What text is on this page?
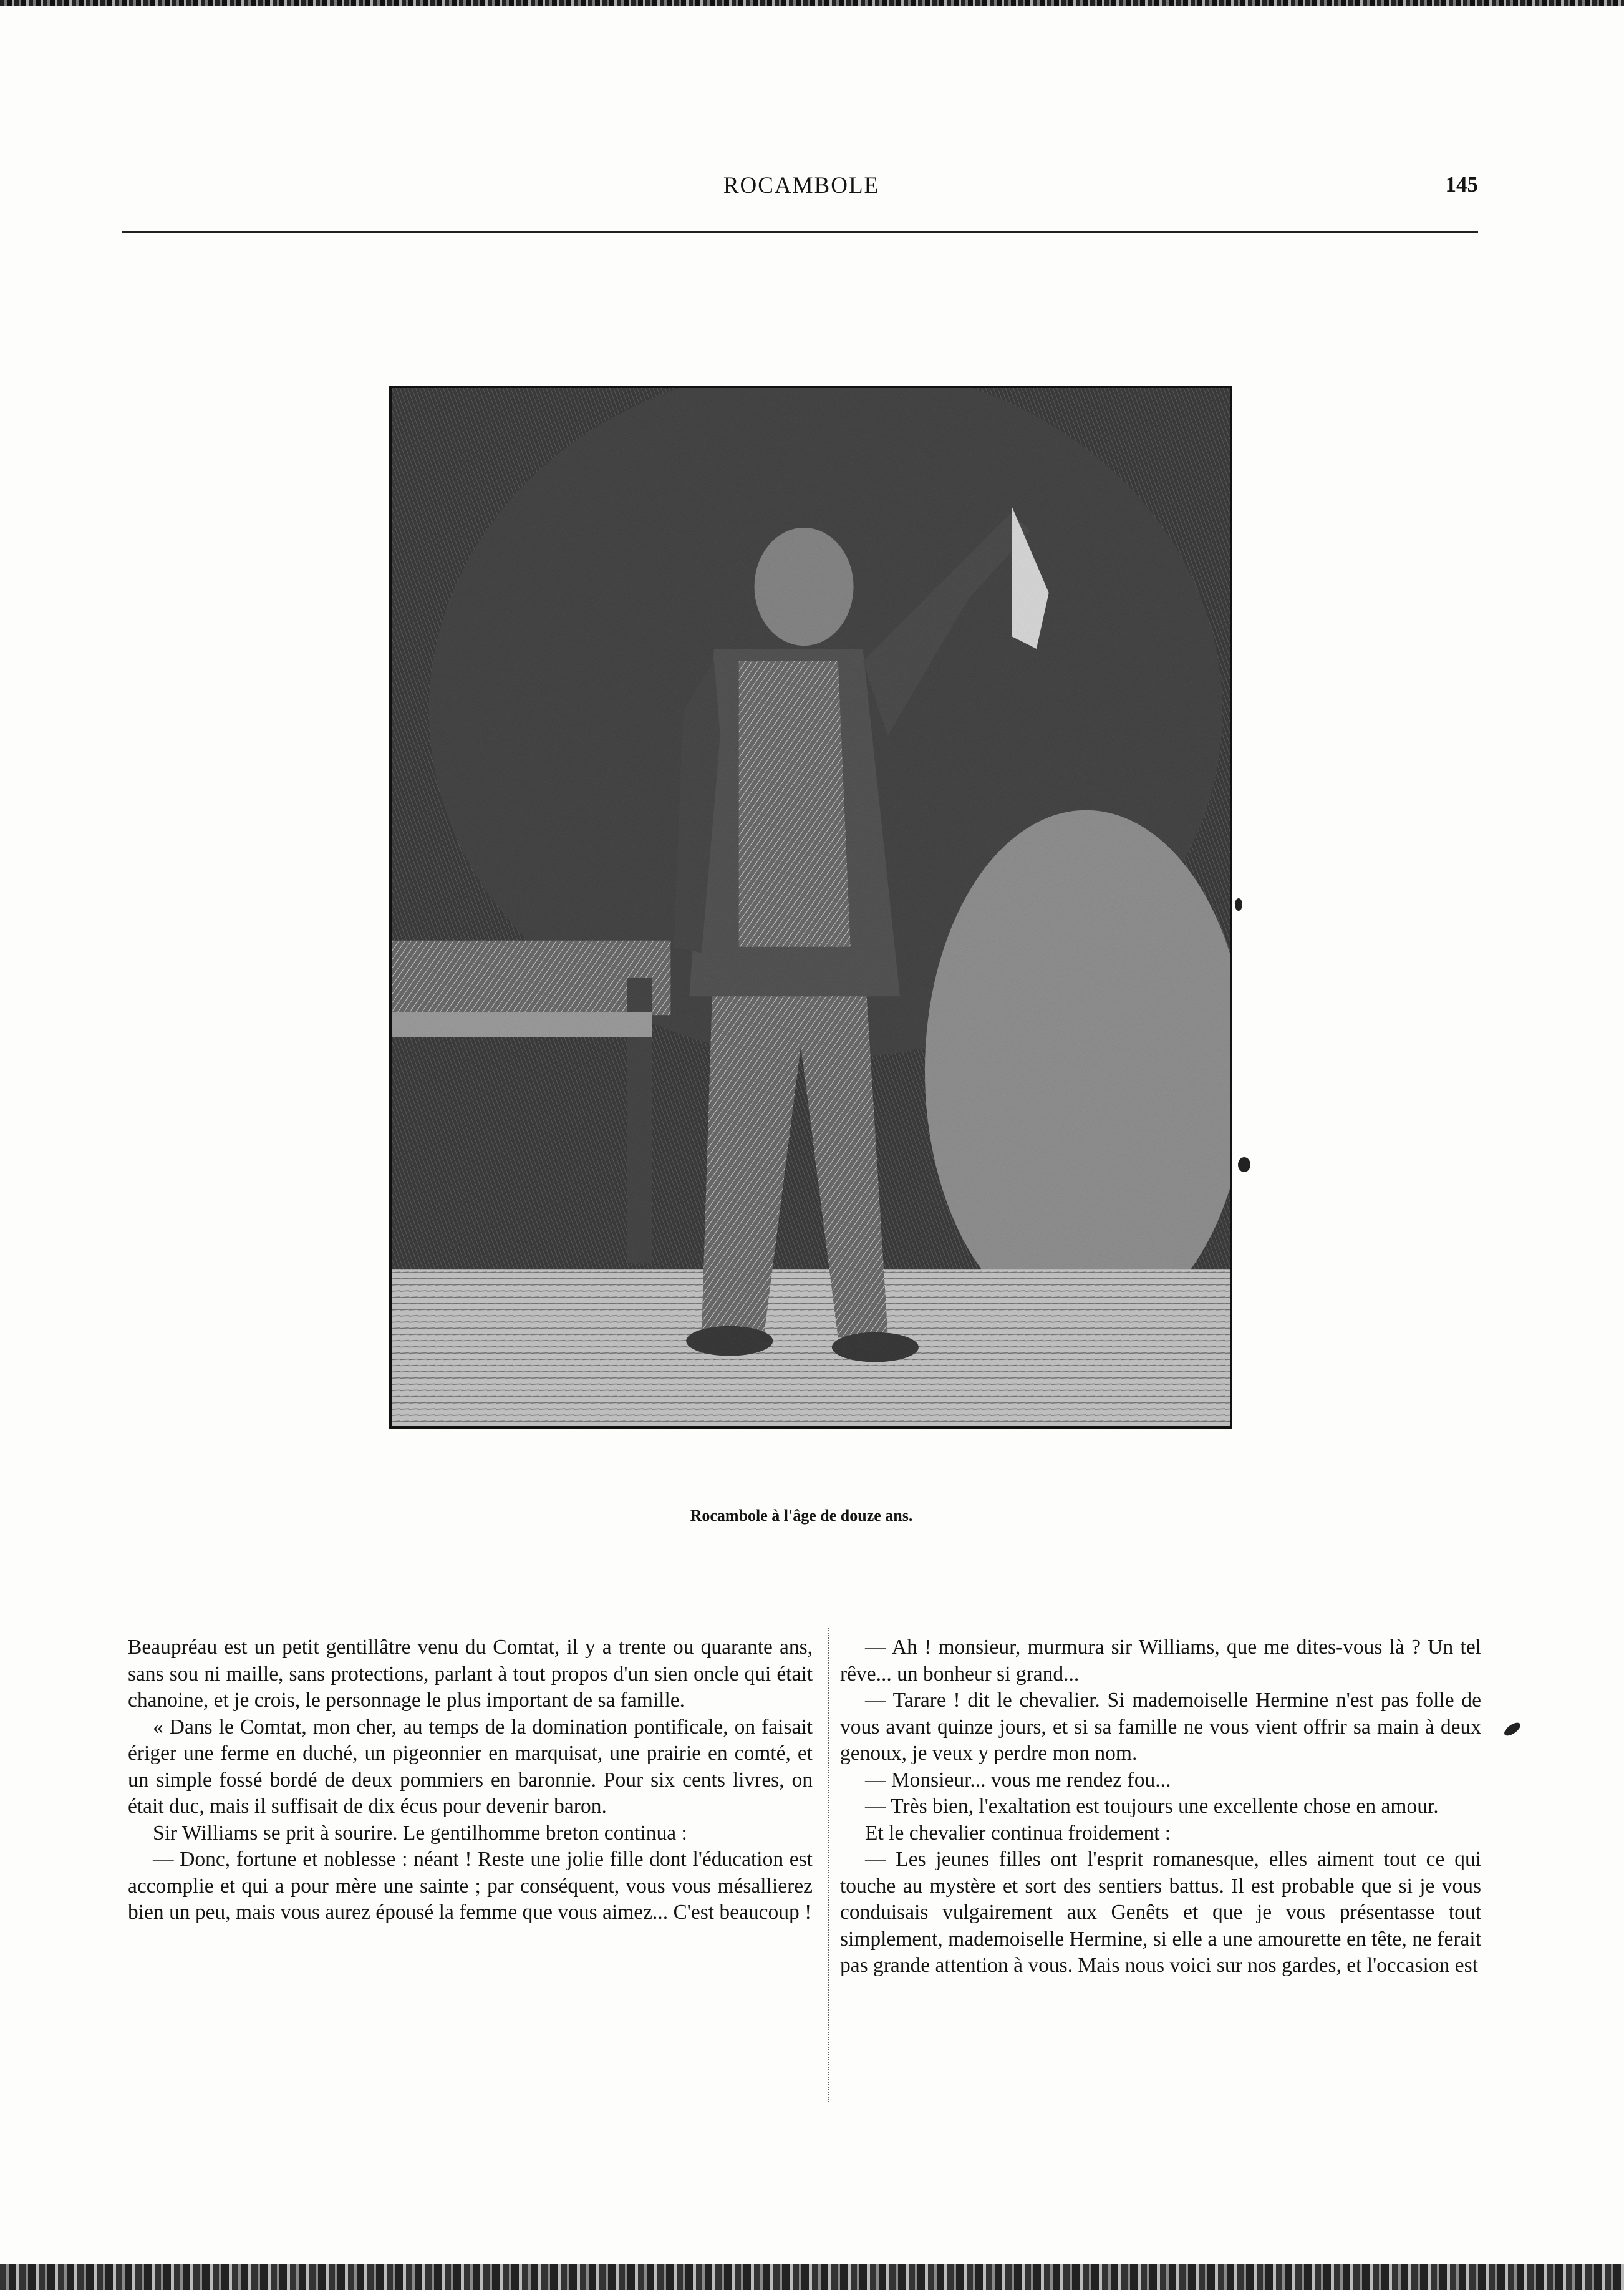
ROCAMBOLE	145
Rocambole à l'âge de douze ans.

Beaupréau est un petit gentillâtre venu du Comtat, il y a trente ou quarante ans, sans sou ni maille, sans protections, parlant à tout propos d'un sien oncle qui était chanoine, et je crois, le personnage le plus important de sa famille.

« Dans le Comtat, mon cher, au temps de la domination pontificale, on faisait ériger une ferme en duché, un pigeonnier en marquisat, une prairie en comté, et un simple fossé bordé de deux pommiers en baronnie. Pour six cents livres, on était duc, mais il suffisait de dix écus pour devenir baron.

Sir Williams se prit à sourire. Le gentilhomme breton continua :

— Donc, fortune et noblesse : néant ! Reste une jolie fille dont l'éducation est accomplie et qui a pour mère une sainte ; par conséquent, vous vous mésallierez bien un peu, mais vous aurez épousé la femme que vous aimez... C'est beaucoup !

— Ah ! monsieur, murmura sir Williams, que me dites-vous là ? Un tel rêve... un bonheur si grand...

— Tarare ! dit le chevalier. Si mademoiselle Hermine n'est pas folle de vous avant quinze jours, et si sa famille ne vous vient offrir sa main à deux genoux, je veux y perdre mon nom.

— Monsieur... vous me rendez fou...

— Très bien, l'exaltation est toujours une excellente chose en amour.

Et le chevalier continua froidement :

— Les jeunes filles ont l'esprit romanesque, elles aiment tout ce qui touche au mystère et sort des sentiers battus. Il est probable que si je vous conduisais vulgairement aux Genêts et que je vous présentasse tout simplement, mademoiselle Hermine, si elle a une amourette en tête, ne ferait pas grande attention à vous. Mais nous voici sur nos gardes, et l'occasion est
